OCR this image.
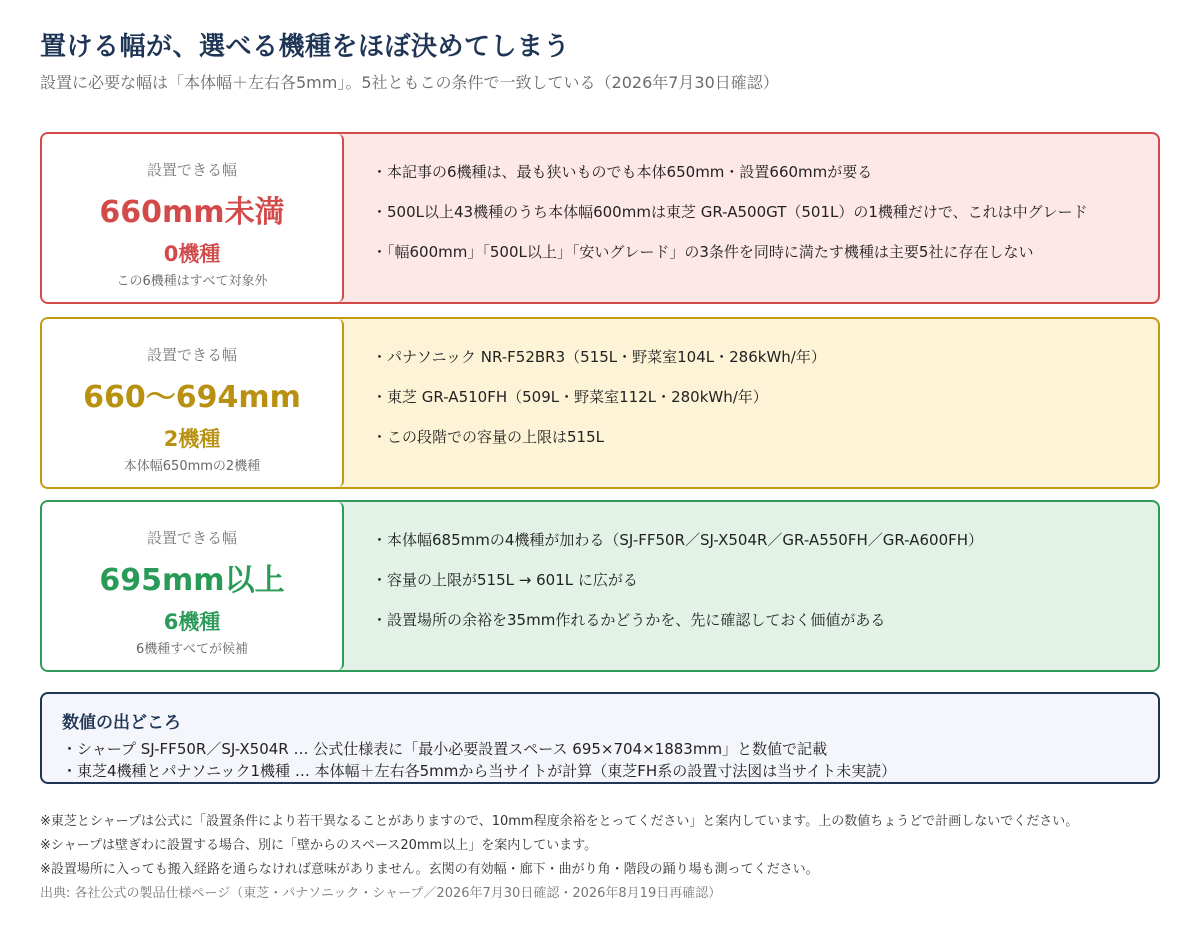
置ける幅が、選べる機種をほぼ決めてしまう
設置に必要な幅は「本体幅＋左右各5mm」。5社ともこの条件で一致している（2026年7月30日確認）
設置できる幅
660mm未満
0機種
この6機種はすべて対象外
・ 本記事の6機種は、最も狭いものでも本体650mm・設置660mmが要る
・ 500L以上43機種のうち本体幅600mmは東芝 GR-A500GT（501L）の1機種だけで、これは中グレード
・ 「幅600mm」「500L以上」「安いグレード」の3条件を同時に満たす機種は主要5社に存在しない
設置できる幅
660〜694mm
2機種
本体幅650mmの2機種
・ パナソニック NR-F52BR3（515L・野菜室104L・286kWh/年）
・ 東芝 GR-A510FH（509L・野菜室112L・280kWh/年）
・ この段階での容量の上限は515L
設置できる幅
695mm以上
6機種
6機種すべてが候補
・ 本体幅685mmの4機種が加わる（SJ-FF50R／SJ-X504R／GR-A550FH／GR-A600FH）
・ 容量の上限が515L → 601L に広がる
・ 設置場所の余裕を35mm作れるかどうかを、先に確認しておく価値がある
数値の出どころ
・ シャープ SJ-FF50R／SJ-X504R … 公式仕様表に「最小必要設置スペース 695×704×1883mm」と数値で記載
・ 東芝4機種とパナソニック1機種 … 本体幅＋左右各5mmから当サイトが計算（東芝FH系の設置寸法図は当サイト未実読）
※東芝とシャープは公式に「設置条件により若干異なることがありますので、10mm程度余裕をとってください」と案内しています。上の数値ちょうどで計画しないでください。
※シャープは壁ぎわに設置する場合、別に「壁からのスペース20mm以上」を案内しています。
※設置場所に入っても搬入経路を通らなければ意味がありません。玄関の有効幅・廊下・曲がり角・階段の踊り場も測ってください。
出典: 各社公式の製品仕様ページ（東芝・パナソニック・シャープ／2026年7月30日確認・2026年8月19日再確認）
